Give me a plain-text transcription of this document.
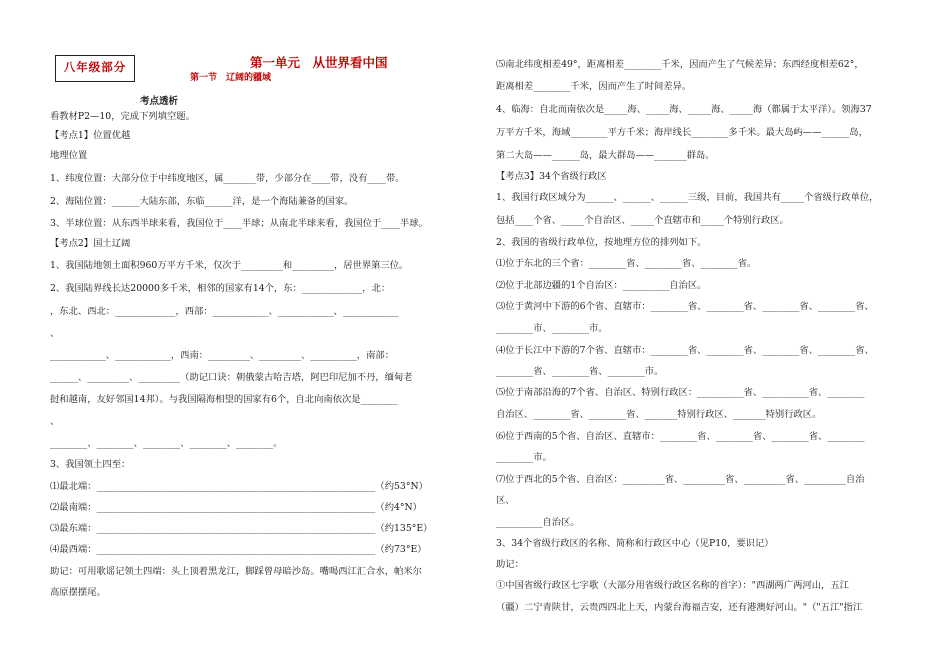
八年级部分	第一单元　从世界看中国
第一节　辽阔的疆域
考点透析
看教材P2—10，完成下列填空题。
【考点1】位置优越
地理位置
1、纬度位置：大部分位于中纬度地区，属_______带，少部分在____带，没有____带。
2、海陆位置：______大陆东部，东临______洋，是一个海陆兼备的国家。
3、半球位置：从东西半球来看，我国位于____半球；从南北半球来看，我国位于____半球。
【考点2】国土辽阔
1、我国陆地领土面积960万平方千米，仅次于_________和_________，居世界第三位。
2、我国陆界线长达20000多千米，相邻的国家有14个，东：_____________，北：
，东北、西北：_____________，西部：____________、____________、____________
、
____________、____________，西南：_________、_________、__________，南部：
______、_________、_________（助记口诀：朝俄蒙古哈吉塔，阿巴印尼加不丹，缅甸老
挝和越南，友好邻国14邦）。与我国隔海相望的国家有6个，自北向南依次是________
、
________、________、________、________、________。
3、我国领土四至：
⑴最北端：____________________________________________________________（约53°N）
⑵最南端：____________________________________________________________（约4°N）
⑶最东端：____________________________________________________________（约135°E）
⑷最西端：____________________________________________________________（约73°E）
助记：可用歌谣记领土四端：头上顶着黑龙江，脚踩曾母暗沙岛。嘴喝西江汇合水，帕米尔
高原摆摆尾。
⑸南北纬度相差49°，距离相差________千米，因而产生了气候差异；东西经度相差62°，
距离相差________千米，因而产生了时间差异。
4、临海：自北而南依次是_____海、_____海、_____海、_____海（都属于太平洋）。领海37
万平方千米，海域________平方千米；海岸线长________多千米。最大岛屿——______岛，
第二大岛——______岛，最大群岛——_______群岛。
【考点3】34个省级行政区
1、我国行政区域分为______、______、______三级，目前，我国共有_____个省级行政单位，
包括____个省、_____个自治区、_____个直辖市和_____个特别行政区。
2、我国的省级行政单位，按地理方位的排列如下。
⑴位于东北的三个省：________省、________省、________省。
⑵位于北部边疆的1个自治区：__________自治区。
⑶位于黄河中下游的6个省、直辖市：________省、________省、________省、________省、
________市、________市。
⑷位于长江中下游的7个省、直辖市：________省、________省、________省、________省、
________省、________省、________市。
⑸位于南部沿海的7个省、自治区、特别行政区：__________省、__________省、________
自治区、________省、________省、_______特别行政区、_______特别行政区。
⑹位于西南的5个省、自治区、直辖市：________省、________省、________省、________
________市。
⑺位于西北的5个省、自治区：_________省、_________省、_________省、_________自治
区、
__________自治区。
3、34个省级行政区的名称、简称和行政区中心（见P10，要识记）
助记：
①中国省级行政区七字歌（大部分用省级行政区名称的首字）："西湖两广两河山，五江
（疆）二宁青陕甘，云贵西四北上天，内蒙台海福吉安，还有港澳好河山。"（"五江"指江
